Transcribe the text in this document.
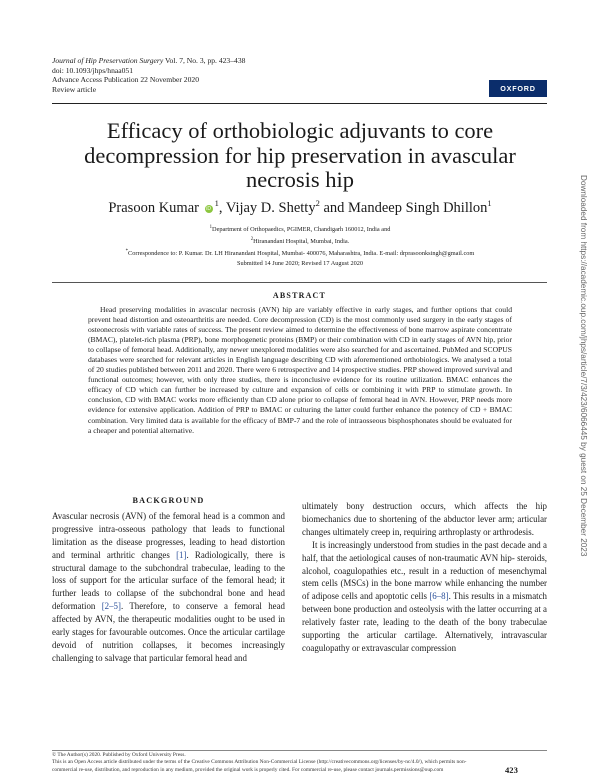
Journal of Hip Preservation Surgery Vol. 7, No. 3, pp. 423–438
doi: 10.1093/jhps/hnaa051
Advance Access Publication 22 November 2020
Review article	OXFORD
Efficacy of orthobiologic adjuvants to core decompression for hip preservation in avascular necrosis hip
Prasoon Kumar $iD^1$, Vijay D. Shetty$^2$ and Mandeep Singh Dhillon$^1$
$^1$Department of Orthopaedics, PGIMER, Chandigarh 160012, India and
$^2$Hiranandani Hospital, Mumbai, India.
*Correspondence to: P. Kumar. Dr. LH Hiranandani Hospital, Mumbai- 400076, Maharashtra, India. E-mail: drprasoonksingh@gmail.com
Submitted 14 June 2020; Revised 17 August 2020
ABSTRACT
Head preserving modalities in avascular necrosis (AVN) hip are variably effective in early stages, and further options that could prevent head distortion and osteoarthritis are needed. Core decompression (CD) is the most commonly used surgery in the early stages of osteonecrosis with variable rates of success. The present review aimed to determine the effectiveness of bone marrow aspirate concentrate (BMAC), platelet-rich plasma (PRP), bone morphogenetic proteins (BMP) or their combination with CD in early stages of AVN hip, prior to collapse of femoral head. Additionally, any newer unexplored modalities were also searched for and ascertained. PubMed and SCOPUS databases were searched for relevant articles in English language describing CD with aforementioned orthobiologics. We analysed a total of 20 studies published between 2011 and 2020. There were 6 retrospective and 14 prospective studies. PRP showed improved survival and functional outcomes; however, with only three studies, there is inconclusive evidence for its routine utilization. BMAC enhances the efficacy of CD which can further be increased by culture and expansion of cells or combining it with PRP to stimulate growth. In conclusion, CD with BMAC works more efficiently than CD alone prior to collapse of femoral head in AVN. However, PRP needs more evidence for extensive application. Addition of PRP to BMAC or culturing the latter could further enhance the potency of CD + BMAC combination. Very limited data is available for the efficacy of BMP-7 and the role of intraosseous bisphosphonates should be evaluated for a cheaper and potential alternative.
BACKGROUND

Avascular necrosis (AVN) of the femoral head is a common and progressive intra-osseous pathology that leads to functional limitation as the disease progresses, leading to head distortion and terminal arthritic changes [1]. Radiologically, there is structural damage to the subchondral trabeculae, leading to the loss of support for the articular surface of the femoral head; it further leads to collapse of the subchondral bone and head deformation [2–5]. Therefore, to conserve a femoral head affected by AVN, the therapeutic modalities ought to be used in early stages for favourable outcomes. Once the articular cartilage devoid of nutrition collapses, it becomes increasingly challenging to salvage that particular femoral head and

ultimately bony destruction occurs, which affects the hip biomechanics due to shortening of the abductor lever arm; articular changes ultimately creep in, requiring arthroplasty or arthrodesis.

It is increasingly understood from studies in the past decade and a half, that the aetiological causes of non-traumatic AVN hip- steroids, alcohol, coagulopathies etc., result in a reduction of mesenchymal stem cells (MSCs) in the bone marrow while enhancing the number of adipose cells and apoptotic cells [6–8]. This results in a mismatch between bone production and osteolysis with the latter occurring at a relatively faster rate, leading to the death of the bony trabeculae supporting the articular cartilage. Alternatively, intravascular coagulopathy or extravascular compression

© The Author(s) 2020. Published by Oxford University Press.
This is an Open Access article distributed under the terms of the Creative Commons Attribution Non-Commercial License (http://creativecommons.org/licenses/by-nc/4.0/), which permits non-commercial re-use, distribution, and reproduction in any medium, provided the original work is properly cited. For commercial re-use, please contact journals.permissions@oup.com	423
Downloaded from https://academic.oup.com/jhps/article/7/3/423/6066445 by guest on 25 December 2023
